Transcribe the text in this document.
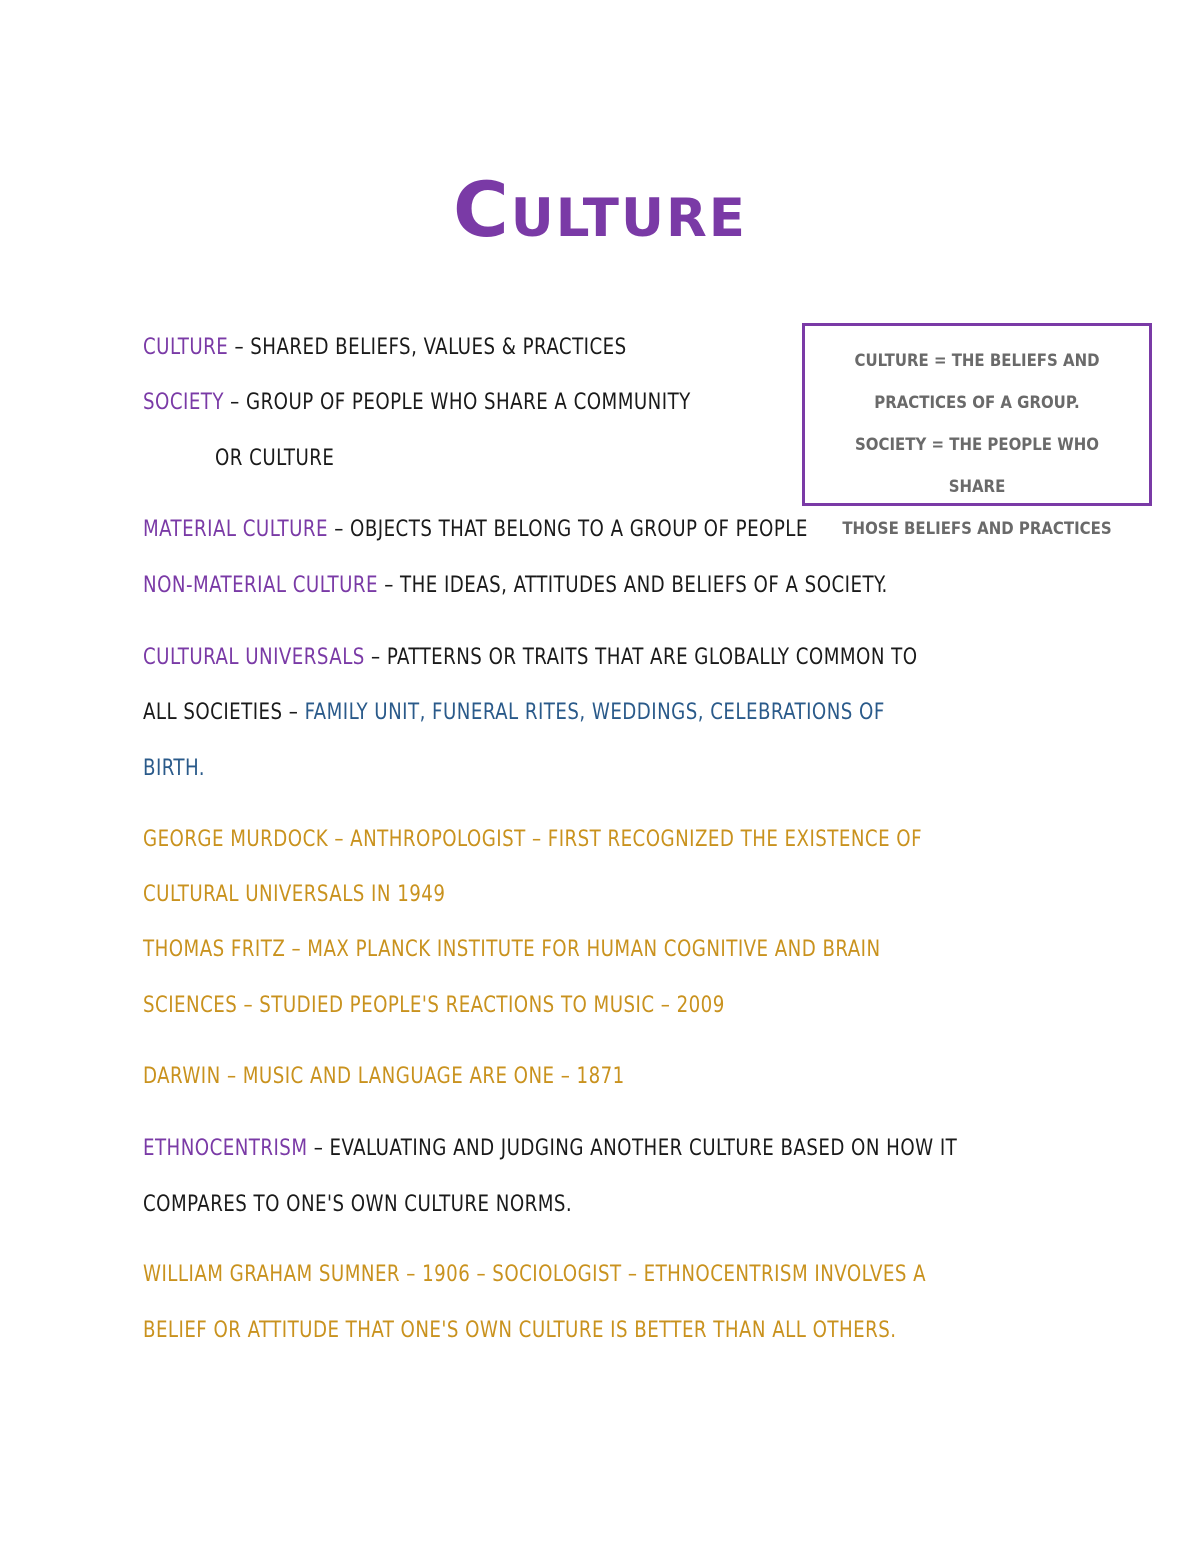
Culture
CULTURE – SHARED BELIEFS, VALUES & PRACTICES
SOCIETY – GROUP OF PEOPLE WHO SHARE A COMMUNITY
OR CULTURE
CULTURE = THE BELIEFS AND
PRACTICES OF A GROUP.
SOCIETY = THE PEOPLE WHO SHARE
THOSE BELIEFS AND PRACTICES
MATERIAL CULTURE – OBJECTS THAT BELONG TO A GROUP OF PEOPLE
NON-MATERIAL CULTURE – THE IDEAS, ATTITUDES AND BELIEFS OF A SOCIETY.
CULTURAL UNIVERSALS – PATTERNS OR TRAITS THAT ARE GLOBALLY COMMON TO
ALL SOCIETIES – FAMILY UNIT, FUNERAL RITES, WEDDINGS, CELEBRATIONS OF
BIRTH.
GEORGE MURDOCK – ANTHROPOLOGIST – FIRST RECOGNIZED THE EXISTENCE OF
CULTURAL UNIVERSALS IN 1949
THOMAS FRITZ – MAX PLANCK INSTITUTE FOR HUMAN COGNITIVE AND BRAIN
SCIENCES – STUDIED PEOPLE'S REACTIONS TO MUSIC – 2009
DARWIN – MUSIC AND LANGUAGE ARE ONE – 1871
ETHNOCENTRISM – EVALUATING AND JUDGING ANOTHER CULTURE BASED ON HOW IT
COMPARES TO ONE'S OWN CULTURE NORMS.
WILLIAM GRAHAM SUMNER – 1906 – SOCIOLOGIST – ETHNOCENTRISM INVOLVES A
BELIEF OR ATTITUDE THAT ONE'S OWN CULTURE IS BETTER THAN ALL OTHERS.
